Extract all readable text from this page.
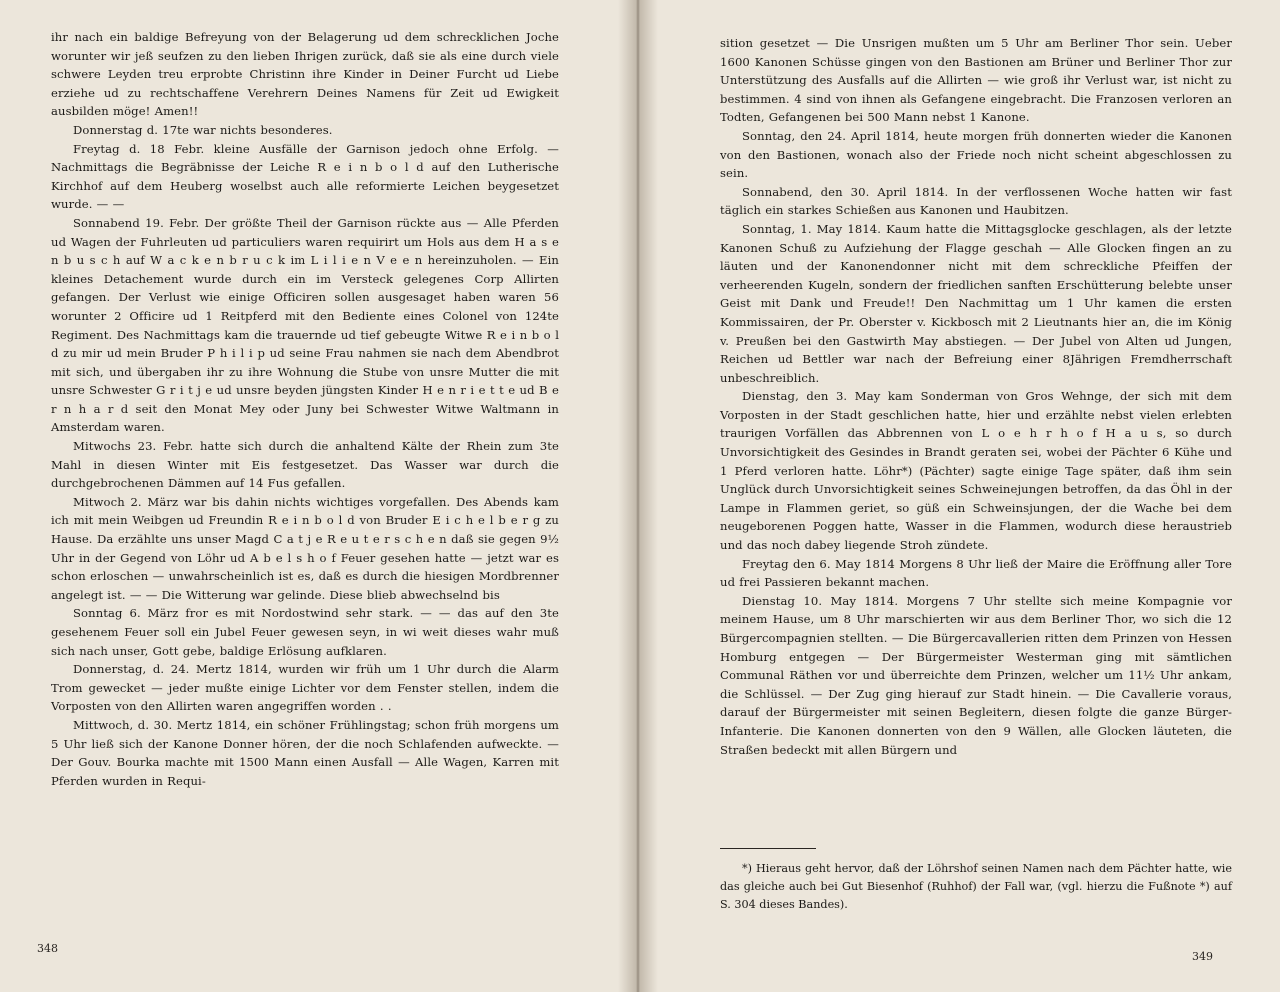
ihr nach ein baldige Befreyung von der Belagerung ud dem schrecklichen Joche worunter wir jeß seufzen zu den lieben Ihrigen zurück, daß sie als eine durch viele schwere Leyden treu erprobte Christinn ihre Kinder in Deiner Furcht ud Liebe erziehe ud zu rechtschaffene Verehrern Deines Namens für Zeit ud Ewigkeit ausbilden möge! Amen!!

Donnerstag d. 17te war nichts besonderes.

Freytag d. 18 Febr. kleine Ausfälle der Garnison jedoch ohne Erfolg. — Nachmittags die Begräbnisse der Leiche R e i n b o l d auf den Lutherische Kirchhof auf dem Heuberg woselbst auch alle reformierte Leichen beygesetzet wurde. — —

Sonnabend 19. Febr. Der größte Theil der Garnison rückte aus — Alle Pferden ud Wagen der Fuhrleuten ud particuliers waren requirirt um Hols aus dem H a s e n b u s c h auf W a c k e n b r u c k im L i l i e n V e e n hereinzuholen. — Ein kleines Detachement wurde durch ein im Versteck gelegenes Corp Allirten gefangen. Der Verlust wie einige Officiren sollen ausgesaget haben waren 56 worunter 2 Officire ud 1 Reitpferd mit den Bediente eines Colonel von 124te Regiment. Des Nachmittags kam die trauernde ud tief gebeugte Witwe R e i n b o l d zu mir ud mein Bruder P h i l i p ud seine Frau nahmen sie nach dem Abendbrot mit sich, und übergaben ihr zu ihre Wohnung die Stube von unsre Mutter die mit unsre Schwester G r i t j e ud unsre beyden jüngsten Kinder H e n r i e t t e ud B e r n h a r d seit den Monat Mey oder Juny bei Schwester Witwe Waltmann in Amsterdam waren.

Mitwochs 23. Febr. hatte sich durch die anhaltend Kälte der Rhein zum 3te Mahl in diesen Winter mit Eis festgesetzet. Das Wasser war durch die durchgebrochenen Dämmen auf 14 Fus gefallen.

Mitwoch 2. März war bis dahin nichts wichtiges vorgefallen. Des Abends kam ich mit mein Weibgen ud Freundin R e i n b o l d von Bruder E i c h e l b e r g zu Hause. Da erzählte uns unser Magd C a t j e R e u t e r s c h e n daß sie gegen 9½ Uhr in der Gegend von Löhr ud A b e l s h o f Feuer gesehen hatte — jetzt war es schon erloschen — unwahrscheinlich ist es, daß es durch die hiesigen Mordbrenner angelegt ist. — — Die Witterung war gelinde. Diese blieb abwechselnd bis

Sonntag 6. März fror es mit Nordostwind sehr stark. — — das auf den 3te gesehenem Feuer soll ein Jubel Feuer gewesen seyn, in wi weit dieses wahr muß sich nach unser, Gott gebe, baldige Erlösung aufklaren.

Donnerstag, d. 24. Mertz 1814, wurden wir früh um 1 Uhr durch die Alarm Trom gewecket — jeder mußte einige Lichter vor dem Fenster stellen, indem die Vorposten von den Allirten waren angegriffen worden . .

Mittwoch, d. 30. Mertz 1814, ein schöner Frühlingstag; schon früh morgens um 5 Uhr ließ sich der Kanone Donner hören, der die noch Schlafenden aufweckte. — Der Gouv. Bourka machte mit 1500 Mann einen Ausfall — Alle Wagen, Karren mit Pferden wurden in Requi-

348

sition gesetzet — Die Unsrigen mußten um 5 Uhr am Berliner Thor sein. Ueber 1600 Kanonen Schüsse gingen von den Bastionen am Brüner und Berliner Thor zur Unterstützung des Ausfalls auf die Allirten — wie groß ihr Verlust war, ist nicht zu bestimmen. 4 sind von ihnen als Gefangene eingebracht. Die Franzosen verloren an Todten, Gefangenen bei 500 Mann nebst 1 Kanone.

Sonntag, den 24. April 1814, heute morgen früh donnerten wieder die Kanonen von den Bastionen, wonach also der Friede noch nicht scheint abgeschlossen zu sein.

Sonnabend, den 30. April 1814. In der verflossenen Woche hatten wir fast täglich ein starkes Schießen aus Kanonen und Haubitzen.

Sonntag, 1. May 1814. Kaum hatte die Mittagsglocke geschlagen, als der letzte Kanonen Schuß zu Aufziehung der Flagge geschah — Alle Glocken fingen an zu läuten und der Kanonendonner nicht mit dem schreckliche Pfeiffen der verheerenden Kugeln, sondern der friedlichen sanften Erschütterung belebte unser Geist mit Dank und Freude!! Den Nachmittag um 1 Uhr kamen die ersten Kommissairen, der Pr. Oberster v. Kickbosch mit 2 Lieutnants hier an, die im König v. Preußen bei den Gastwirth May abstiegen. — Der Jubel von Alten ud Jungen, Reichen ud Bettler war nach der Befreiung einer 8Jährigen Fremdherrschaft unbeschreiblich.

Dienstag, den 3. May kam Sonderman von Gros Wehnge, der sich mit dem Vorposten in der Stadt geschlichen hatte, hier und erzählte nebst vielen erlebten traurigen Vorfällen das Abbrennen von L o e h r h o f H a u s, so durch Unvorsichtigkeit des Gesindes in Brandt geraten sei, wobei der Pächter 6 Kühe und 1 Pferd verloren hatte. Löhr*) (Pächter) sagte einige Tage später, daß ihm sein Unglück durch Unvorsichtigkeit seines Schweinejungen betroffen, da das Öhl in der Lampe in Flammen geriet, so güß ein Schweinsjungen, der die Wache bei dem neugeborenen Poggen hatte, Wasser in die Flammen, wodurch diese heraustrieb und das noch dabey liegende Stroh zündete.

Freytag den 6. May 1814 Morgens 8 Uhr ließ der Maire die Eröffnung aller Tore ud frei Passieren bekannt machen.

Dienstag 10. May 1814. Morgens 7 Uhr stellte sich meine Kompagnie vor meinem Hause, um 8 Uhr marschierten wir aus dem Berliner Thor, wo sich die 12 Bürgercompagnien stellten. — Die Bürgercavallerien ritten dem Prinzen von Hessen Homburg entgegen — Der Bürgermeister Westerman ging mit sämtlichen Communal Räthen vor und überreichte dem Prinzen, welcher um 11½ Uhr ankam, die Schlüssel. — Der Zug ging hierauf zur Stadt hinein. — Die Cavallerie voraus, darauf der Bürgermeister mit seinen Begleitern, diesen folgte die ganze Bürger-Infanterie. Die Kanonen donnerten von den 9 Wällen, alle Glocken läuteten, die Straßen bedeckt mit allen Bürgern und

*) Hieraus geht hervor, daß der Löhrshof seinen Namen nach dem Pächter hatte, wie das gleiche auch bei Gut Biesenhof (Ruhhof) der Fall war, (vgl. hierzu die Fußnote *) auf S. 304 dieses Bandes).

349
